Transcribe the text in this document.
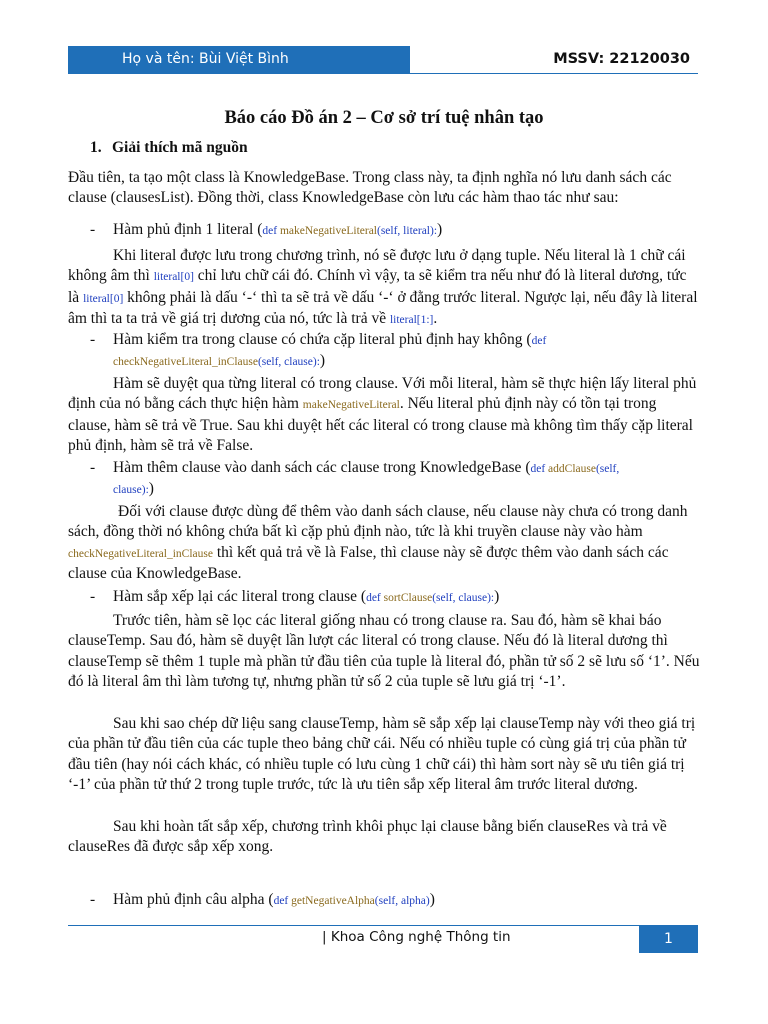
Họ và tên: Bùi Việt Bình	MSSV: 22120030
Báo cáo Đồ án 2 – Cơ sở trí tuệ nhân tạo
1. Giải thích mã nguồn
Đầu tiên, ta tạo một class là KnowledgeBase. Trong class này, ta định nghĩa nó lưu danh sách các clause (clausesList). Đồng thời, class KnowledgeBase còn lưu các hàm thao tác như sau:
-	Hàm phủ định 1 literal (def makeNegativeLiteral(self, literal):)
Khi literal được lưu trong chương trình, nó sẽ được lưu ở dạng tuple. Nếu literal là 1 chữ cái không âm thì literal[0] chỉ lưu chữ cái đó. Chính vì vậy, ta sẽ kiểm tra nếu như đó là literal dương, tức là literal[0] không phải là dấu ‘-‘ thì ta sẽ trả về dấu ‘-‘ ở đằng trước literal. Ngược lại, nếu đây là literal âm thì ta ta trả về giá trị dương của nó, tức là trả về literal[1:].
-	Hàm kiểm tra trong clause có chứa cặp literal phủ định hay không (def checkNegativeLiteral_inClause(self, clause):)
Hàm sẽ duyệt qua từng literal có trong clause. Với mỗi literal, hàm sẽ thực hiện lấy literal phủ định của nó bằng cách thực hiện hàm makeNegativeLiteral. Nếu literal phủ định này có tồn tại trong clause, hàm sẽ trả về True. Sau khi duyệt hết các literal có trong clause mà không tìm thấy cặp literal phủ định, hàm sẽ trả về False.
-	Hàm thêm clause vào danh sách các clause trong KnowledgeBase (def addClause(self,
clause):)
Đối với clause được dùng để thêm vào danh sách clause, nếu clause này chưa có trong danh sách, đồng thời nó không chứa bất kì cặp phủ định nào, tức là khi truyền clause này vào hàm checkNegativeLiteral_inClause thì kết quả trả về là False, thì clause này sẽ được thêm vào danh sách các clause của KnowledgeBase.
-	Hàm sắp xếp lại các literal trong clause (def sortClause(self, clause):)
Trước tiên, hàm sẽ lọc các literal giống nhau có trong clause ra. Sau đó, hàm sẽ khai báo clauseTemp. Sau đó, hàm sẽ duyệt lần lượt các literal có trong clause. Nếu đó là literal dương thì clauseTemp sẽ thêm 1 tuple mà phần tử đầu tiên của tuple là literal đó, phần tử số 2 sẽ lưu số ‘1’. Nếu đó là literal âm thì làm tương tự, nhưng phần tử số 2 của tuple sẽ lưu giá trị ‘-1’.
Sau khi sao chép dữ liệu sang clauseTemp, hàm sẽ sắp xếp lại clauseTemp này với theo giá trị của phần tử đầu tiên của các tuple theo bảng chữ cái. Nếu có nhiều tuple có cùng giá trị của phần tử đầu tiên (hay nói cách khác, có nhiều tuple có lưu cùng 1 chữ cái) thì hàm sort này sẽ ưu tiên giá trị ‘-1’ của phần tử thứ 2 trong tuple trước, tức là ưu tiên sắp xếp literal âm trước literal dương.
Sau khi hoàn tất sắp xếp, chương trình khôi phục lại clause bằng biến clauseRes và trả về clauseRes đã được sắp xếp xong.
-	Hàm phủ định câu alpha (def getNegativeAlpha(self, alpha))
| Khoa Công nghệ Thông tin	1
